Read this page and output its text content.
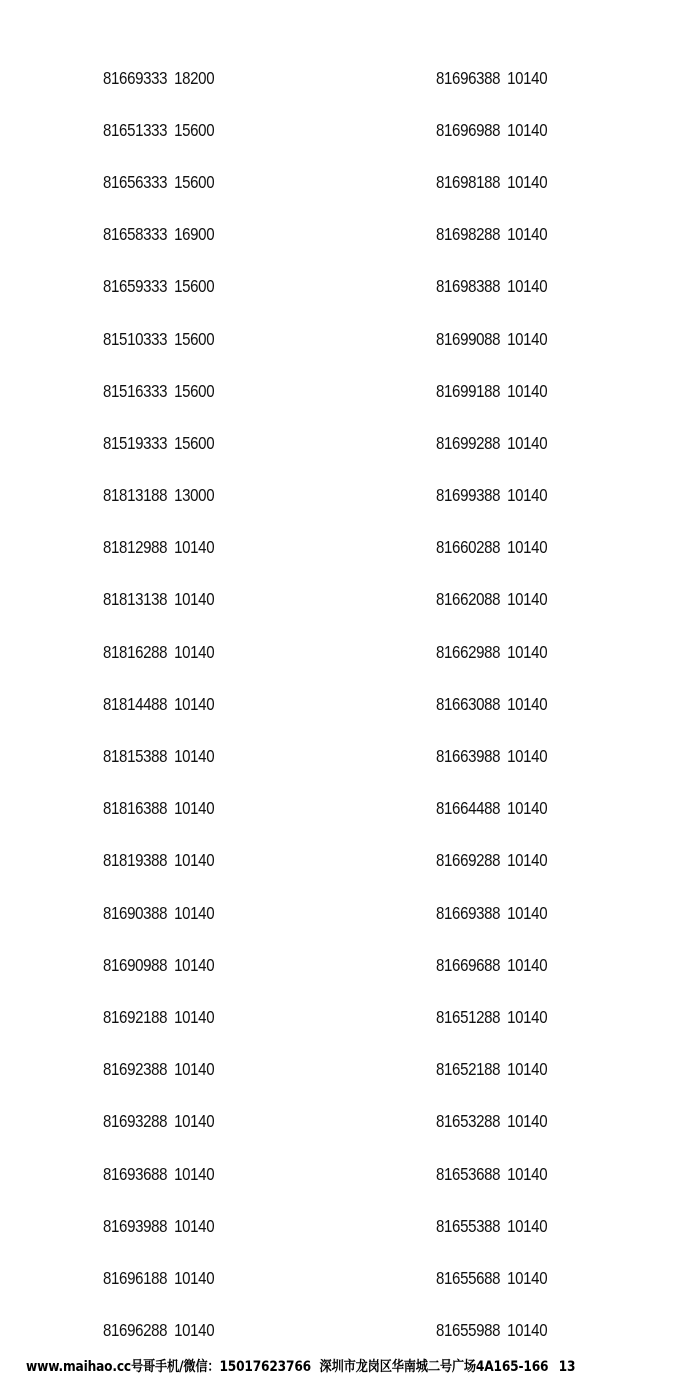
81669333 18200
81651333 15600
81656333 15600
81658333 16900
81659333 15600
81510333 15600
81516333 15600
81519333 15600
81813188 13000
81812988 10140
81813138 10140
81816288 10140
81814488 10140
81815388 10140
81816388 10140
81819388 10140
81690388 10140
81690988 10140
81692188 10140
81692388 10140
81693288 10140
81693688 10140
81693988 10140
81696188 10140
81696288 10140
81696388 10140
81696988 10140
81698188 10140
81698288 10140
81698388 10140
81699088 10140
81699188 10140
81699288 10140
81699388 10140
81660288 10140
81662088 10140
81662988 10140
81663088 10140
81663988 10140
81664488 10140
81669288 10140
81669388 10140
81669688 10140
81651288 10140
81652188 10140
81653288 10140
81653688 10140
81655388 10140
81655688 10140
81655988 10140
www.maihao.cc号哥手机/微信：15017623766 深圳市龙岗区华南城二号广场4A165-166 13
